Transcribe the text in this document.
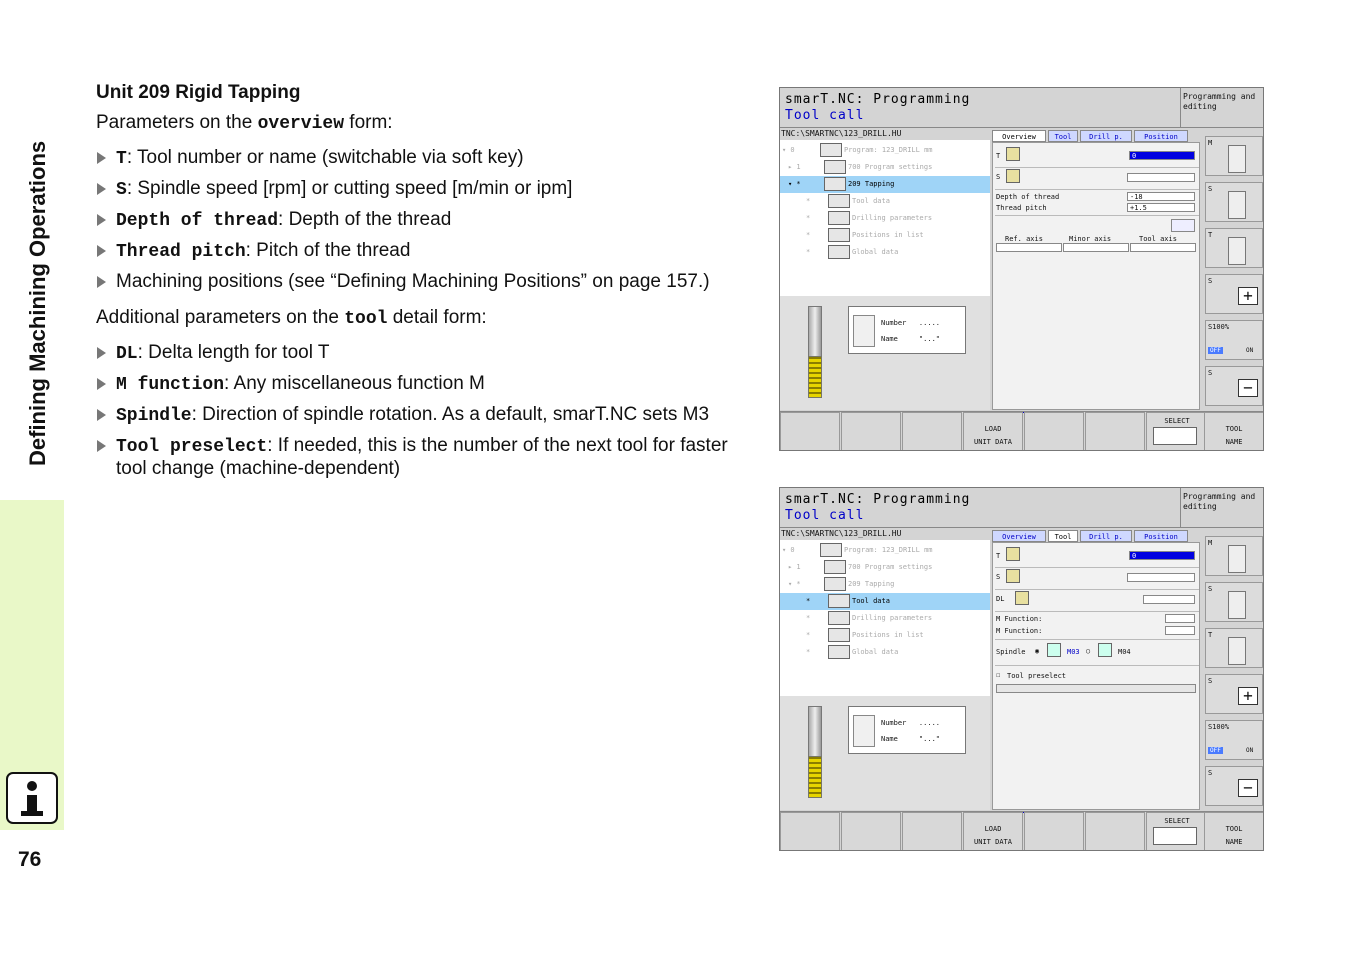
Defining Machining Operations
76
Unit 209 Rigid Tapping
Parameters on the overview form:
T: Tool number or name (switchable via soft key)
S: Spindle speed [rpm] or cutting speed [m/min or ipm]
Depth of thread: Depth of the thread
Thread pitch: Pitch of the thread
Machining positions (see “Defining Machining Positions” on page 157.)
Additional parameters on the tool detail form:
DL: Delta length for tool T
M function: Any miscellaneous function M
Spindle: Direction of spindle rotation. As a default, smarT.NC sets M3
Tool preselect: If needed, this is the number of the next tool for faster tool change (machine-dependent)
smarT.NC: Programming
Tool call
Programming and editing
TNC:\SMARTNC\123_DRILL.HU
▾ 0	Program: 123_DRILL mm
▸ 1	700 Program settings
▾ *	209 Tapping
*	Tool data
*	Drilling parameters
*	Positions in list
*	Global data
Number   .....
Name     "..."
Overview	Tool	Drill p.	Position
T	0
S
Depth of thread	-18
Thread pitch	+1.5
Ref. axis	Minor axis	Tool axis
M
S
T
S
+
S100%
OFF	ON
S
−
LOAD
UNIT DATA
SELECT
TOOL
NAME
smarT.NC: Programming
Tool call
Programming and editing
TNC:\SMARTNC\123_DRILL.HU
▾ 0	Program: 123_DRILL mm
▸ 1	700 Program settings
▾ *	209 Tapping
*	Tool data
*	Drilling parameters
*	Positions in list
*	Global data
Number   .....
Name     "..."
Overview	Tool	Drill p.	Position
T	0
S
DL
M Function:
M Function:
Spindle ◉	M03 ○	M04
☐ Tool preselect
M
S
T
S
+
S100%
OFF	ON
S
−
LOAD
UNIT DATA
SELECT
TOOL
NAME
